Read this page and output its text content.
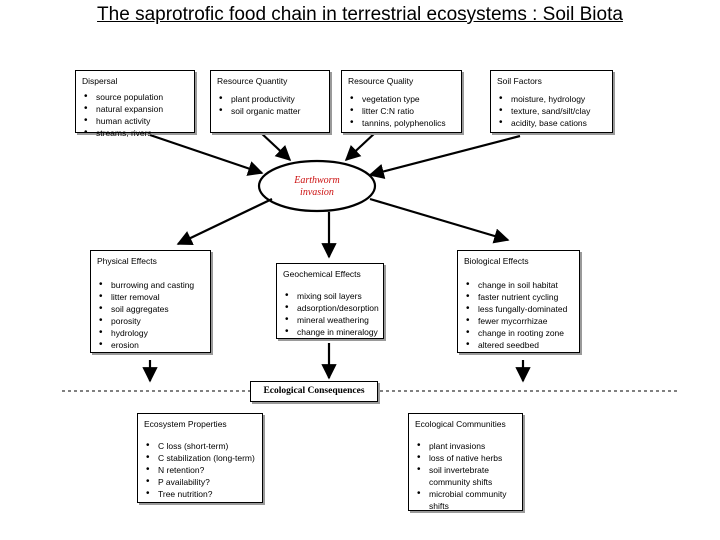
The saprotrofic food chain in terrestrial ecosystems : Soil Biota
Dispersal
• source population
• natural expansion
• human activity
• streams, rivers
Resource Quantity
• plant productivity
• soil organic matter
Resource Quality
• vegetation type
• litter C:N ratio
• tannins, polyphenolics
Soil Factors
• moisture, hydrology
• texture, sand/silt/clay
• acidity, base cations
Earthworm
invasion
Physical Effects
• burrowing and casting
• litter removal
• soil aggregates
• porosity
• hydrology
• erosion
Geochemical Effects
• mixing soil layers
• adsorption/desorption
• mineral weathering
• change in mineralogy
Biological Effects
• change in soil habitat
• faster nutrient cycling
• less fungally-dominated
• fewer mycorrhizae
• change in rooting zone
• altered seedbed
Ecological Consequences
Ecosystem Properties
• C loss (short-term)
• C stabilization (long-term)
• N retention?
• P availability?
• Tree nutrition?
Ecological Communities
• plant invasions
• loss of native herbs
• soil invertebrate community shifts
• microbial community shifts
